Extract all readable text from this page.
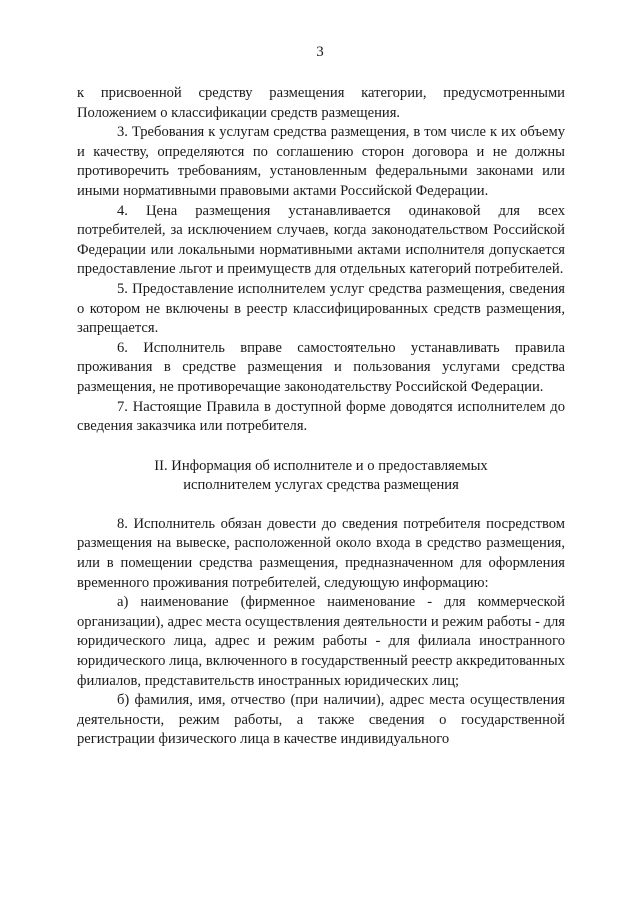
3

к присвоенной средству размещения категории, предусмотренными Положением о классификации средств размещения.

3. Требования к услугам средства размещения, в том числе к их объему и качеству, определяются по соглашению сторон договора и не должны противоречить требованиям, установленным федеральными законами или иными нормативными правовыми актами Российской Федерации.

4. Цена размещения устанавливается одинаковой для всех потребителей, за исключением случаев, когда законодательством Российской Федерации или локальными нормативными актами исполнителя допускается предоставление льгот и преимуществ для отдельных категорий потребителей.

5. Предоставление исполнителем услуг средства размещения, сведения о котором не включены в реестр классифицированных средств размещения, запрещается.

6. Исполнитель вправе самостоятельно устанавливать правила проживания в средстве размещения и пользования услугами средства размещения, не противоречащие законодательству Российской Федерации.

7. Настоящие Правила в доступной форме доводятся исполнителем до сведения заказчика или потребителя.

II. Информация об исполнителе и о предоставляемых
исполнителем услугах средства размещения

8. Исполнитель обязан довести до сведения потребителя посредством размещения на вывеске, расположенной около входа в средство размещения, или в помещении средства размещения, предназначенном для оформления временного проживания потребителей, следующую информацию:

а) наименование (фирменное наименование - для коммерческой организации), адрес места осуществления деятельности и режим работы - для юридического лица, адрес и режим работы - для филиала иностранного юридического лица, включенного в государственный реестр аккредитованных филиалов, представительств иностранных юридических лиц;

б) фамилия, имя, отчество (при наличии), адрес места осуществления деятельности, режим работы, а также сведения о государственной регистрации физического лица в качестве индивидуального
